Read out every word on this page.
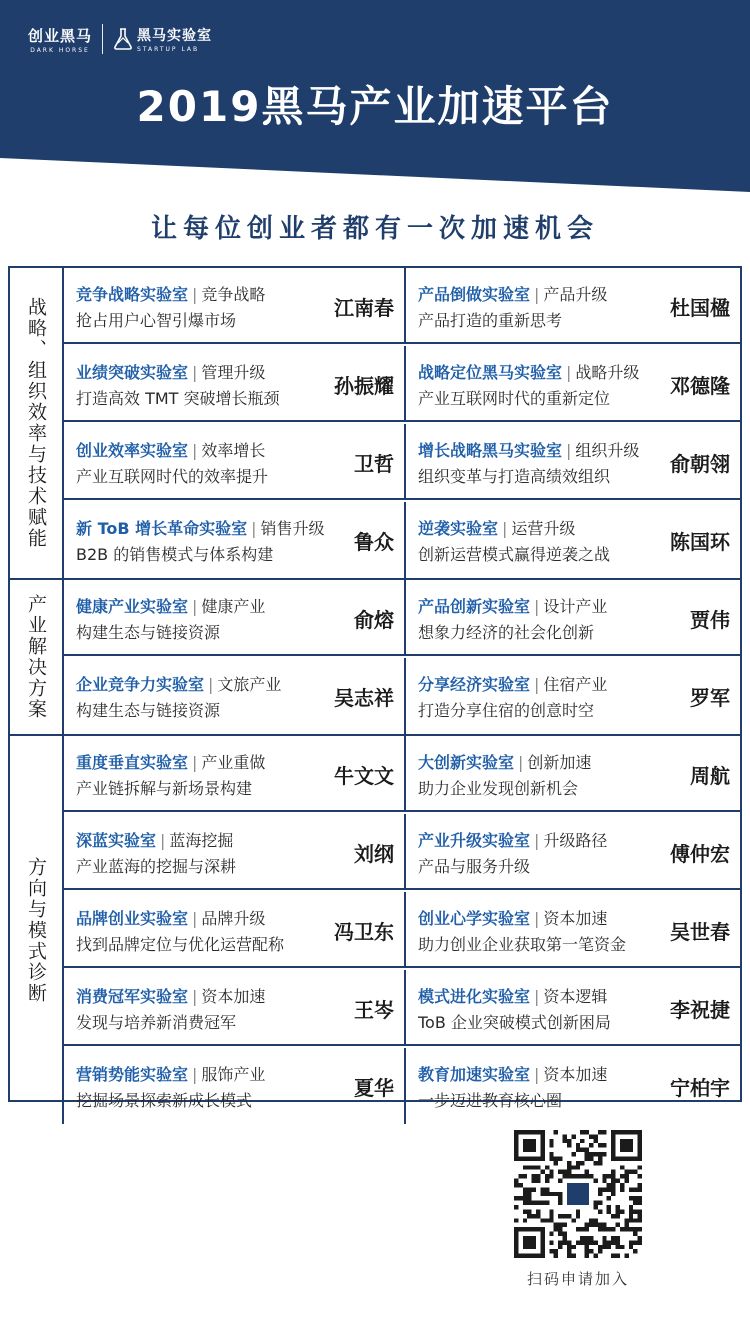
创业黑马
DARK HORSE
黑马实验室
STARTUP LAB
2019黑马产业加速平台
让每位创业者都有一次加速机会
战略、组织效率与技术赋能
竞争战略实验室 | 竞争战略
抢占用户心智引爆市场
江南春
产品倒做实验室 | 产品升级
产品打造的重新思考
杜国楹
业绩突破实验室 | 管理升级
打造高效 TMT 突破增长瓶颈
孙振耀
战略定位黑马实验室 | 战略升级
产业互联网时代的重新定位
邓德隆
创业效率实验室 | 效率增长
产业互联网时代的效率提升
卫哲
增长战略黑马实验室 | 组织升级
组织变革与打造高绩效组织
俞朝翎
新 ToB 增长革命实验室 | 销售升级
B2B 的销售模式与体系构建
鲁众
逆袭实验室 | 运营升级
创新运营模式赢得逆袭之战
陈国环
产业解决方案 健康产业实验室 | 健康产业
构建生态与链接资源
俞熔
产品创新实验室 | 设计产业
想象力经济的社会化创新
贾伟
企业竞争力实验室 | 文旅产业
构建生态与链接资源
吴志祥
分享经济实验室 | 住宿产业
打造分享住宿的创意时空
罗军
方向与模式诊断
重度垂直实验室 | 产业重做
产业链拆解与新场景构建
牛文文
大创新实验室 | 创新加速
助力企业发现创新机会
周航
深蓝实验室 | 蓝海挖掘
产业蓝海的挖掘与深耕
刘纲
产业升级实验室 | 升级路径
产品与服务升级
傅仲宏
品牌创业实验室 | 品牌升级
找到品牌定位与优化运营配称
冯卫东
创业心学实验室 | 资本加速
助力创业企业获取第一笔资金
吴世春
消费冠军实验室 | 资本加速
发现与培养新消费冠军
王岑
模式进化实验室 | 资本逻辑
ToB 企业突破模式创新困局
李祝捷
营销势能实验室 | 服饰产业
挖掘场景探索新成长模式
夏华
教育加速实验室 | 资本加速
一步迈进教育核心圈
宁柏宇
扫码申请加入
